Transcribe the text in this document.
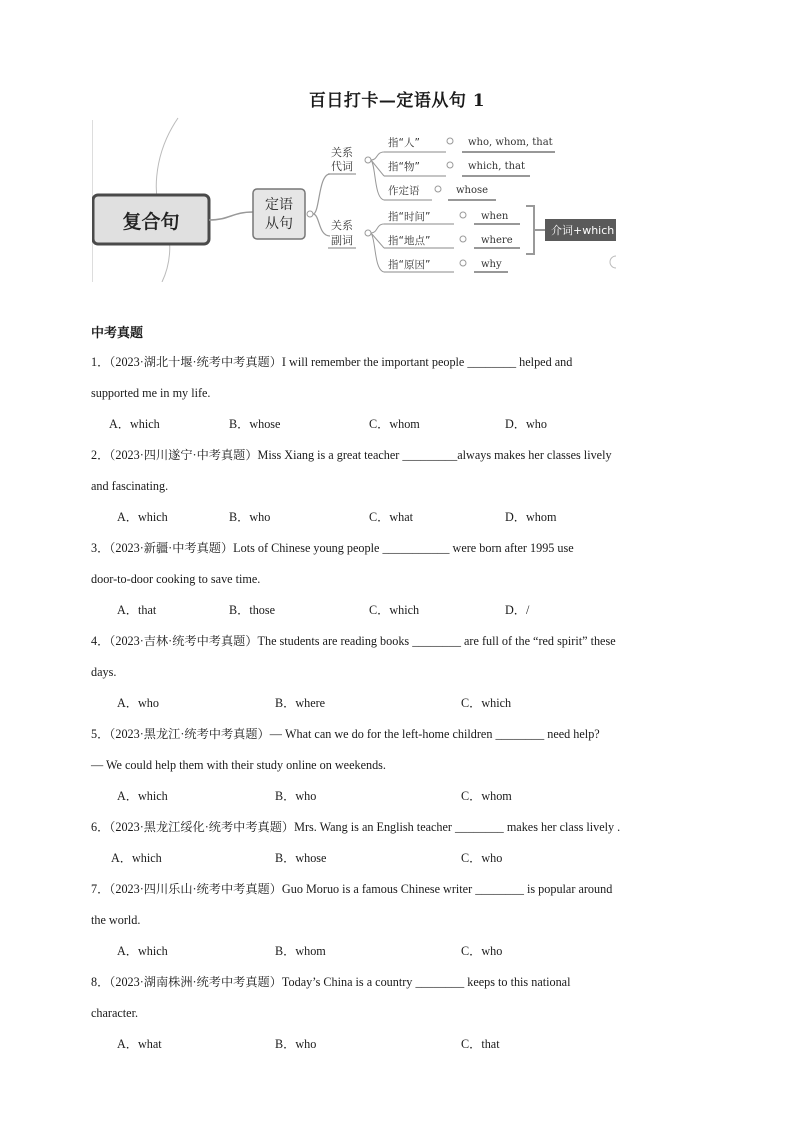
百日打卡—定语从句 1
复合句
定语
从句
关系
代词
关系
副词
指“人”
指“物”
作定语
指“时间”
指“地点”
指“原因”
who, whom, that
which, that
whose
when
where
why
介词+which
中考真题
1．（2023·湖北十堰·统考中考真题）I will remember the important people ________ helped and
supported me in my life.
A．which	B．whose	C．whom	D．who
2．（2023·四川遂宁·中考真题）Miss Xiang is a great teacher _________always makes her classes lively
and fascinating.
A．which	B．who	C．what	D．whom
3．（2023·新疆·中考真题）Lots of Chinese young people ___________ were born after 1995 use
door-to-door cooking to save time.
A．that	B．those	C．which	D．/
4．（2023·吉林·统考中考真题）The students are reading books ________ are full of the “red spirit” these
days.
A．who	B．where	C．which
5．（2023·黑龙江·统考中考真题）— What can we do for the left-home children ________ need help?
— We could help them with their study online on weekends.
A．which	B．who	C．whom
6．（2023·黑龙江绥化·统考中考真题）Mrs. Wang is an English teacher ________ makes her class lively .
A．which	B．whose	C．who
7．（2023·四川乐山·统考中考真题）Guo Moruo is a famous Chinese writer ________ is popular around
the world.
A．which	B．whom	C．who
8．（2023·湖南株洲·统考中考真题）Today’s China is a country ________ keeps to this national
character.
A．what	B．who	C．that
